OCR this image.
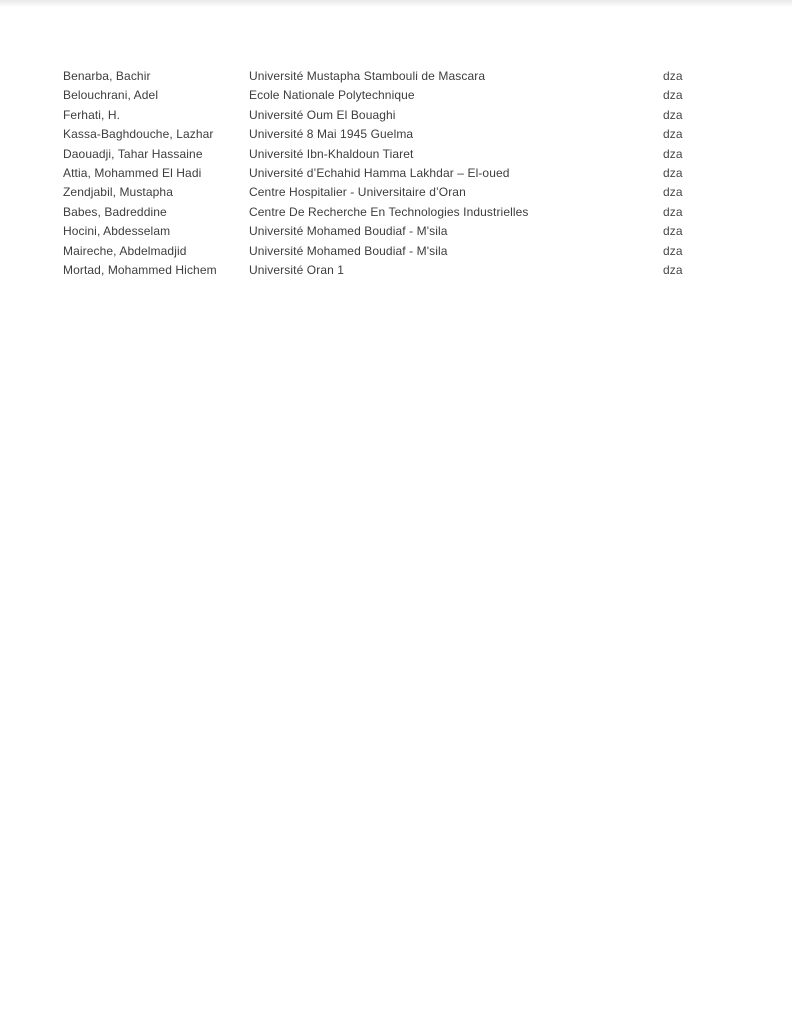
Benarba, Bachir	Université Mustapha Stambouli de Mascara	dza
Belouchrani, Adel	Ecole Nationale Polytechnique	dza
Ferhati, H.	Université Oum El Bouaghi	dza
Kassa-Baghdouche, Lazhar	Université 8 Mai 1945 Guelma	dza
Daouadji, Tahar Hassaine	Université Ibn-Khaldoun Tiaret	dza
Attia, Mohammed El Hadi	Université d’Echahid Hamma Lakhdar – El-oued	dza
Zendjabil, Mustapha	Centre Hospitalier - Universitaire d’Oran	dza
Babes, Badreddine	Centre De Recherche En Technologies Industrielles	dza
Hocini, Abdesselam	Université Mohamed Boudiaf - M'sila	dza
Maireche, Abdelmadjid	Université Mohamed Boudiaf - M'sila	dza
Mortad, Mohammed Hichem	Université Oran 1	dza
